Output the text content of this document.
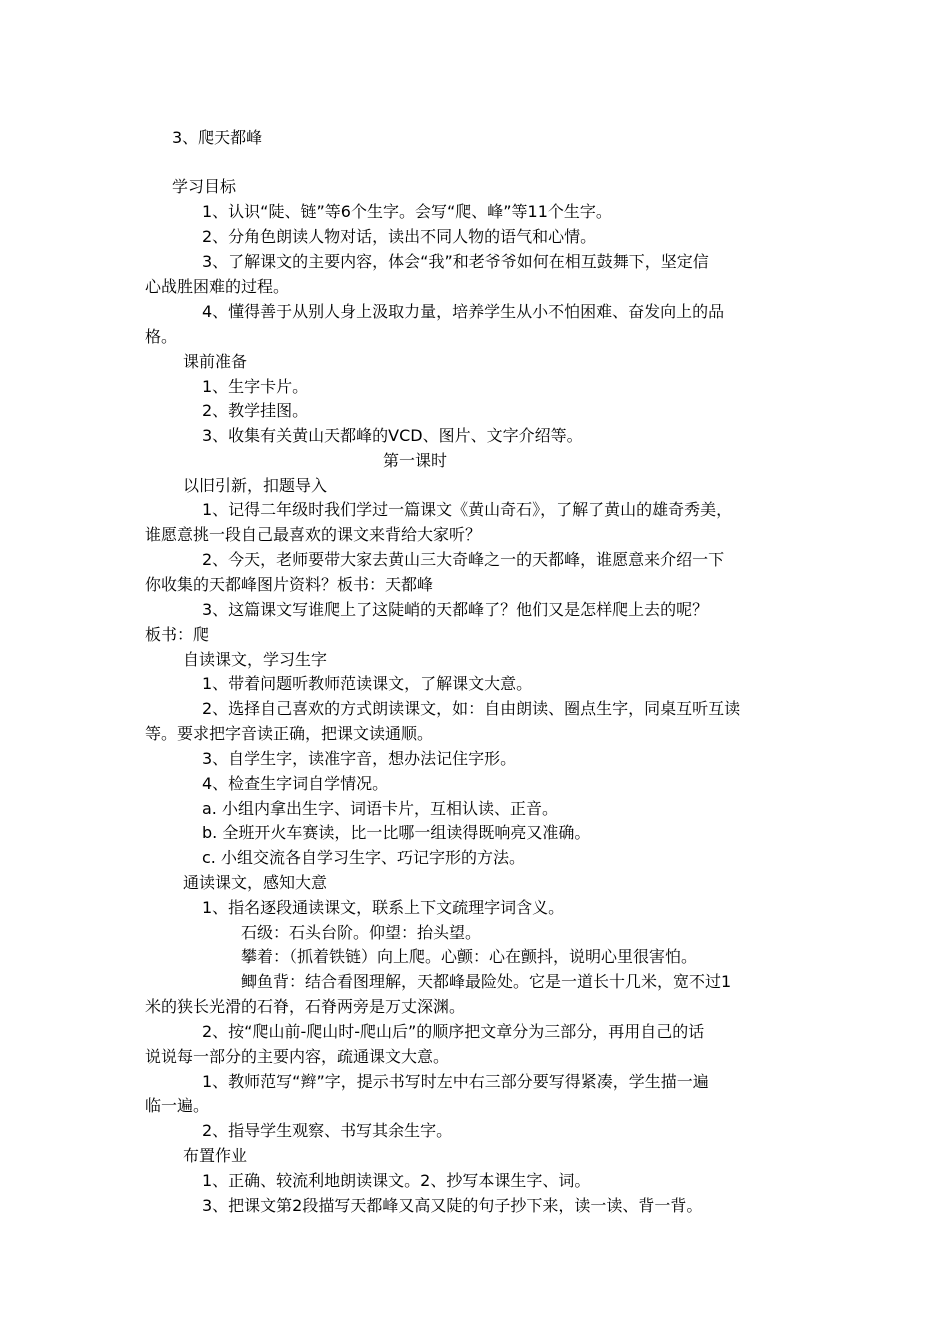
3、爬天都峰
学习目标
1、认识“陡、链”等6个生字。会写“爬、峰”等11个生字。
2、分角色朗读人物对话，读出不同人物的语气和心情。
3、了解课文的主要内容，体会“我”和老爷爷如何在相互鼓舞下，坚定信
心战胜困难的过程。
4、懂得善于从别人身上汲取力量，培养学生从小不怕困难、奋发向上的品
格。
课前准备
1、生字卡片。
2、教学挂图。
3、收集有关黄山天都峰的VCD、图片、文字介绍等。
第一课时
以旧引新，扣题导入
1、记得二年级时我们学过一篇课文《黄山奇石》，了解了黄山的雄奇秀美，
谁愿意挑一段自己最喜欢的课文来背给大家听？
2、今天，老师要带大家去黄山三大奇峰之一的天都峰，谁愿意来介绍一下
你收集的天都峰图片资料？板书：天都峰
3、这篇课文写谁爬上了这陡峭的天都峰了？他们又是怎样爬上去的呢？
板书：爬
自读课文，学习生字
1、带着问题听教师范读课文，了解课文大意。
2、选择自己喜欢的方式朗读课文，如：自由朗读、圈点生字，同桌互听互读
等。要求把字音读正确，把课文读通顺。
3、自学生字，读准字音，想办法记住字形。
4、检查生字词自学情况。
a. 小组内拿出生字、词语卡片，互相认读、正音。
b. 全班开火车赛读，比一比哪一组读得既响亮又准确。
c. 小组交流各自学习生字、巧记字形的方法。
通读课文，感知大意
1、指名逐段通读课文，联系上下文疏理字词含义。
石级：石头台阶。仰望：抬头望。
攀着：（抓着铁链）向上爬。心颤：心在颤抖，说明心里很害怕。
鲫鱼背：结合看图理解，天都峰最险处。它是一道长十几米，宽不过1
米的狭长光滑的石脊，石脊两旁是万丈深渊。
2、按“爬山前-爬山时-爬山后”的顺序把文章分为三部分，再用自己的话
说说每一部分的主要内容，疏通课文大意。
1、教师范写“辫”字，提示书写时左中右三部分要写得紧凑，学生描一遍
临一遍。
2、指导学生观察、书写其余生字。
布置作业
1、正确、较流利地朗读课文。2、抄写本课生字、词。
3、把课文第2段描写天都峰又高又陡的句子抄下来，读一读、背一背。
